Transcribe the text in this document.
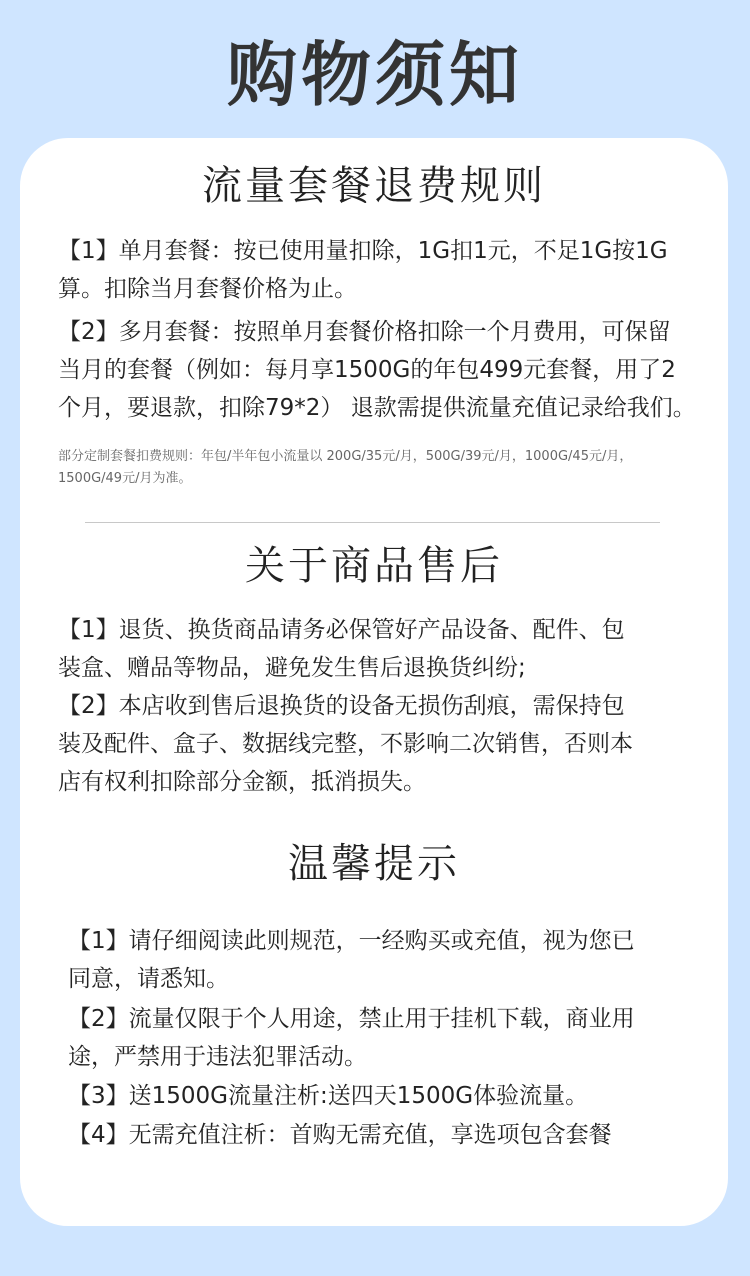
购物须知
流量套餐退费规则

【1】单月套餐：按已使用量扣除，1G扣1元，不足1G按1G
算。扣除当月套餐价格为止。

【2】多月套餐：按照单月套餐价格扣除一个月费用，可保留
当月的套餐（例如：每月享1500G的年包499元套餐，用了2
个月，要退款，扣除79*2） 退款需提供流量充值记录给我们。

部分定制套餐扣费规则：年包/半年包小流量以 200G/35元/月，500G/39元/月，1000G/45元/月，
1500G/49元/月为准。

关于商品售后

【1】退货、换货商品请务必保管好产品设备、配件、包
装盒、赠品等物品，避免发生售后退换货纠纷;

【2】本店收到售后退换货的设备无损伤刮痕，需保持包
装及配件、盒子、数据线完整，不影响二次销售，否则本
店有权利扣除部分金额，抵消损失。

温馨提示

【1】请仔细阅读此则规范，一经购买或充值，视为您已
同意，请悉知。

【2】流量仅限于个人用途，禁止用于挂机下载，商业用
途，严禁用于违法犯罪活动。

【3】送1500G流量注析:送四天1500G体验流量。

【4】无需充值注析：首购无需充值，享选项包含套餐
